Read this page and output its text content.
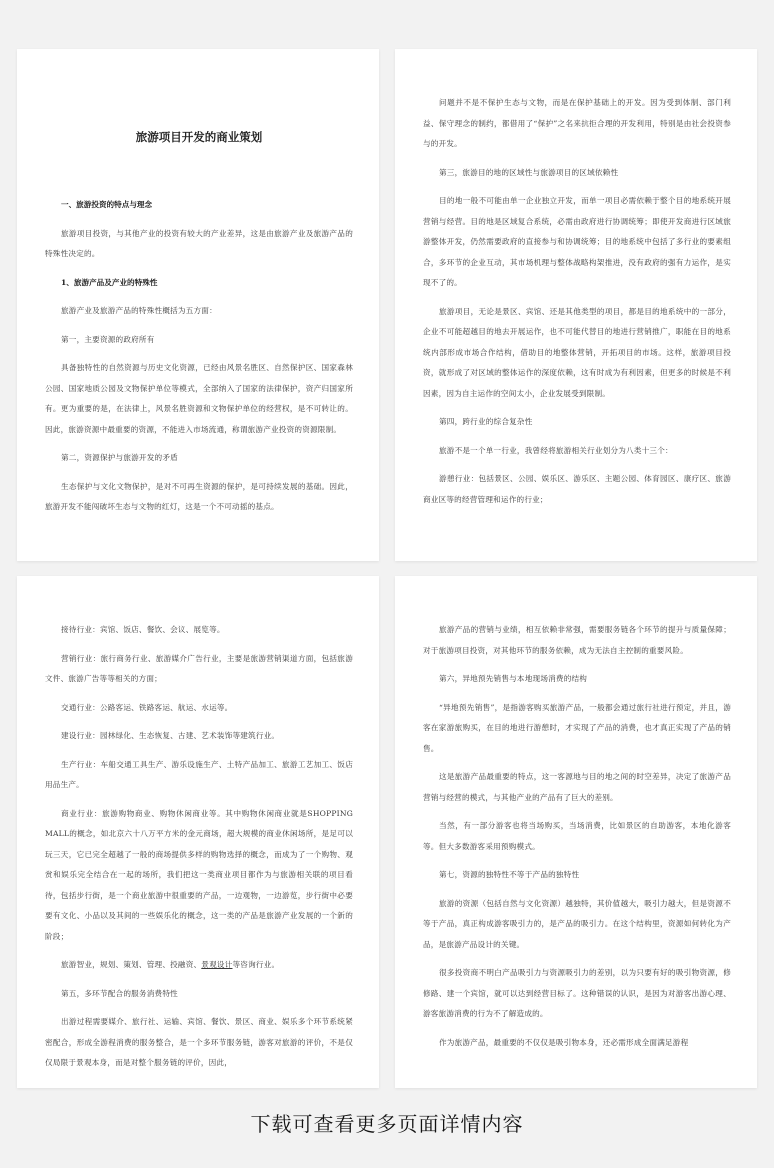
旅游项目开发的商业策划

一、旅游投资的特点与理念

旅游项目投资，与其他产业的投资有较大的产业差异，这是由旅游产业及旅游产品的特殊性决定的。

1、旅游产品及产业的特殊性

旅游产业及旅游产品的特殊性概括为五方面：

第一，主要资源的政府所有

具备独特性的自然资源与历史文化资源，已经由风景名胜区、自然保护区、国家森林公园、国家地质公园及文物保护单位等模式，全部纳入了国家的法律保护，资产归国家所有。更为重要的是，在法律上，风景名胜资源和文物保护单位的经营权，是不可转让的。因此，旅游资源中最重要的资源，不能进入市场流通，称谓旅游产业投资的资源限制。

第二，资源保护与旅游开发的矛盾

生态保护与文化文物保护，是对不可再生资源的保护，是可持续发展的基础。因此，旅游开发不能闯破坏生态与文物的红灯，这是一个不可动摇的基点。

问题并不是不保护生态与文物，而是在保护基础上的开发。因为受到体制、部门利益、保守理念的制约，都借用了“保护”之名来抗拒合理的开发利用，特别是由社会投资参与的开发。

第三，旅游目的地的区域性与旅游项目的区域依赖性

目的地一般不可能由单一企业独立开发，而单一项目必需依赖于整个目的地系统开展营销与经营。目的地是区域复合系统，必需由政府进行协调统筹；即使开发商进行区域旅游整体开发，仍然需要政府的直接参与和协调统筹；目的地系统中包括了多行业的要素组合，多环节的企业互动，其市场机理与整体战略构架推进，没有政府的强有力运作，是实现不了的。

旅游项目，无论是景区、宾馆、还是其他类型的项目，都是目的地系统中的一部分，企业不可能超越目的地去开展运作，也不可能代替目的地进行营销推广，职能在目的地系统内部形成市场合作结构，借助目的地整体营销，开拓项目的市场。这样，旅游项目投资，就形成了对区域的整体运作的深度依赖，这有时成为有利因素，但更多的时候是不利因素，因为自主运作的空间太小，企业发展受到限制。

第四，跨行业的综合复杂性

旅游不是一个单一行业，我曾经将旅游相关行业划分为八类十三个：

游憩行业：包括景区、公园、娱乐区、游乐区、主题公园、体育园区、康疗区、旅游商业区等的经营管理和运作的行业；

接待行业：宾馆、饭店、餐饮、会议、展览等。

营销行业：旅行商务行业、旅游媒介广告行业，主要是旅游营销渠道方面，包括旅游文件、旅游广告等等相关的方面；

交通行业：公路客运、铁路客运、航运、水运等。

建设行业：园林绿化、生态恢复、古建、艺术装饰等建筑行业。

生产行业：车船交通工具生产、游乐设施生产、土特产品加工、旅游工艺加工、饭店用品生产。

商业行业：旅游购物商业、购物休闲商业等。其中购物休闲商业就是SHOPPING MALL的概念，如北京六十八万平方米的金元商场，超大规模的商业休闲场所，是足可以玩三天，它已完全超越了一般的商场提供多样的购物选择的概念，而成为了一个购物、观赏和娱乐完全结合在一起的场所，我们把这一类商业项目都作为与旅游相关联的项目看待，包括步行街，是一个商业旅游中很重要的产品，一边观物，一边游览，步行街中必要要有文化、小品以及其间的一些娱乐化的概念，这一类的产品是旅游产业发展的一个新的阶段；

旅游智业，规划、策划、管理、投融资、景观设计等咨询行业。

第五，多环节配合的服务消费特性

出游过程需要媒介、旅行社、运输、宾馆、餐饮、景区、商业、娱乐多个环节系统紧密配合，形成全游程消费的服务整合，是一个多环节服务链，游客对旅游的评价，不是仅仅局限于景观本身，而是对整个服务链的评价，因此，

旅游产品的营销与业绩，相互依赖非常强，需要服务链各个环节的提升与质量保障；对于旅游项目投资，对其他环节的服务依赖，成为无法自主控制的重要风险。

第六，异地预先销售与本地现场消费的结构

“异地预先销售”，是指游客购买旅游产品，一般都会通过旅行社进行预定，并且，游客在家游旅购买，在目的地进行游憩时，才实现了产品的消费，也才真正实现了产品的销售。

这是旅游产品最重要的特点，这一客源地与目的地之间的时空差异，决定了旅游产品营销与经营的模式，与其他产业的产品有了巨大的差别。

当然，有一部分游客也将当场购买，当场消费，比如景区的自助游客，本地化游客等。但大多数游客采用预购模式。

第七，资源的独特性不等于产品的独特性

旅游的资源（包括自然与文化资源）越独特，其价值越大，吸引力越大，但是资源不等于产品，真正构成游客吸引力的，是产品的吸引力。在这个结构里，资源如何转化为产品，是旅游产品设计的关键。

很多投资商不明白产品吸引力与资源吸引力的差别，以为只要有好的吸引物资源，修修路、建一个宾馆，就可以达到经营目标了。这种错误的认识，是因为对游客出游心理、游客旅游消费的行为不了解造成的。

作为旅游产品，最重要的不仅仅是吸引物本身，还必需形成全面满足游程

下载可查看更多页面详情内容
